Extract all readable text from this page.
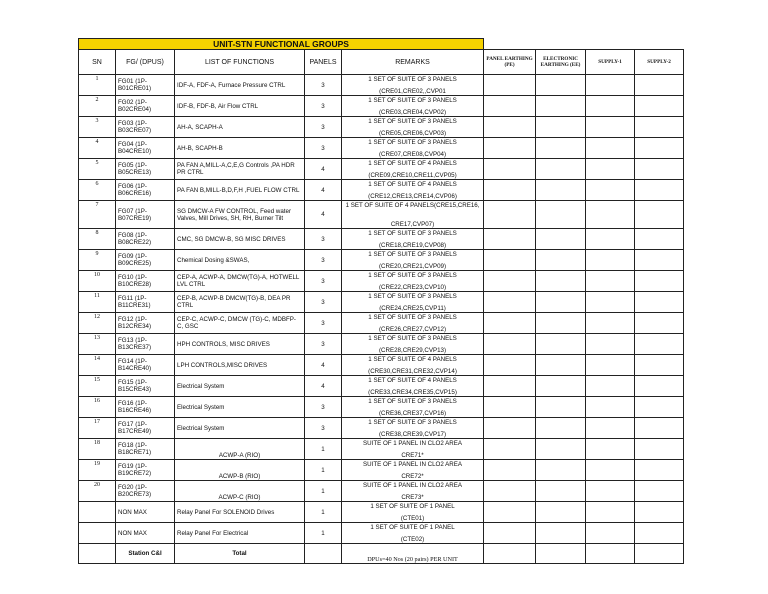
UNIT-STN FUNCTIONAL GROUPS								
SN	FG/ (DPUS)	LIST OF FUNCTIONS	PANELS	REMARKS	PANEL EARTHING (PE)	ELECTRONIC EARTHING (EE)	SUPPLY-1	SUPPLY-2
1	FG01 (1P-B01CRE01)	IDF-A, FDF-A, Furnace Pressure CTRL	3	1 SET OF SUITE OF 3 PANELS
(CRE01,CRE02,,CVP01				

2	FG02 (1P-B02CRE04)	IDF-B, FDF-B, Air Flow CTRL	3	1 SET OF SUITE OF 3 PANELS
(CRE03,CRE04,CVP02)				

3	FG03 (1P-B03CRE07)	AH-A, SCAPH-A	3	1 SET OF SUITE OF 3 PANELS
(CRE05,CRE06,CVP03)				

4	FG04 (1P-B04CRE10)	AH-B, SCAPH-B	3	1 SET OF SUITE OF 3 PANELS
(CRE07,CRE08,CVP04)				

5	FG05 (1P-B05CRE13)	PA FAN A,MILL-A,C,E,G Controls ,PA HDR PR CTRL	4	1 SET OF SUITE OF 4 PANELS
(CRE09,CRE10,CRE11,CVP05)				

6	FG06 (1P-B06CRE16)	PA FAN B,MILL-B,D,F,H ,FUEL FLOW CTRL	4	1 SET OF SUITE OF 4 PANELS
(CRE12,CRE13,CRE14,CVP06)				

7	FG07 (1P-B07CRE19)	SG DMCW-A FW CONTROL, Feed water Valves, Mill Drives, SH, RH, Burner Tilt	4	1 SET OF SUITE OF 4 PANELS(CRE15,CRE16,
CRE17,CVP07)				

8	FG08 (1P-B08CRE22)	CMC, SG DMCW-B, SG MISC DRIVES	3	1 SET OF SUITE OF 3 PANELS
(CRE18,CRE19,CVP08)				

9	FG09 (1P-B09CRE25)	Chemical Dosing &SWAS,	3	1 SET OF SUITE OF 3 PANELS
(CRE20,CRE21,CVP09)				

10	FG10 (1P-B10CRE28)	CEP-A, ACWP-A, DMCW(TG)-A, HOTWELL LVL CTRL	3	1 SET OF SUITE OF 3 PANELS
(CRE22,CRE23,CVP10)				

11	FG11 (1P-B11CRE31)	CEP-B, ACWP-B DMCW(TG)-B, DEA PR CTRL	3	1 SET OF SUITE OF 3 PANELS
(CRE24,CRE25,CVP11)				

12	FG12 (1P-B12CRE34)	CEP-C, ACWP-C, DMCW (TG)-C, MDBFP-C, GSC	3	1 SET OF SUITE OF 3 PANELS
(CRE26,CRE27,CVP12)				

13	FG13 (1P-B13CRE37)	HPH CONTROLS, MISC DRIVES	3	1 SET OF SUITE OF 3 PANELS
(CRE28,CRE29,CVP13)				

14	FG14 (1P-B14CRE40)	LPH CONTROLS,MISC DRIVES	4	1 SET OF SUITE OF 4 PANELS
(CRE30,CRE31,CRE32,CVP14)				

15	FG15 (1P-B15CRE43)	Electrical System	4	1 SET OF SUITE OF 4 PANELS
(CRE33,CRE34,CRE35,CVP15)				

16	FG16 (1P-B16CRE46)	Electrical System	3	1 SET OF SUITE OF 3 PANELS
(CRE36,CRE37,CVP16)				

17	FG17 (1P-B17CRE49)	Electrical System	3	1 SET OF SUITE OF 3 PANELS
(CRE38,CRE39,CVP17)				

18	FG18 (1P-B18CRE71)	ACWP-A (RIO)	1	SUITE OF 1 PANEL IN CLO2 AREA
CRE71*				

19	FG19 (1P-B19CRE72)	ACWP-B (RIO)	1	SUITE OF 1 PANEL IN CLO2 AREA
CRE72*				

20	FG20 (1P-B20CRE73)	ACWP-C (RIO)	1	SUITE OF 1 PANEL IN CLO2 AREA
CRE73*				

	NON MAX	Relay Panel For SOLENOID Drives	1	1 SET OF SUITE OF 1 PANEL
(CTE01)				

	NON MAX	Relay Panel For Electrical	1	1 SET OF SUITE OF 1 PANEL
(CTE02)				

	Station C&I	Total		DPUs=40 Nos (20 pairs) PER UNIT				
